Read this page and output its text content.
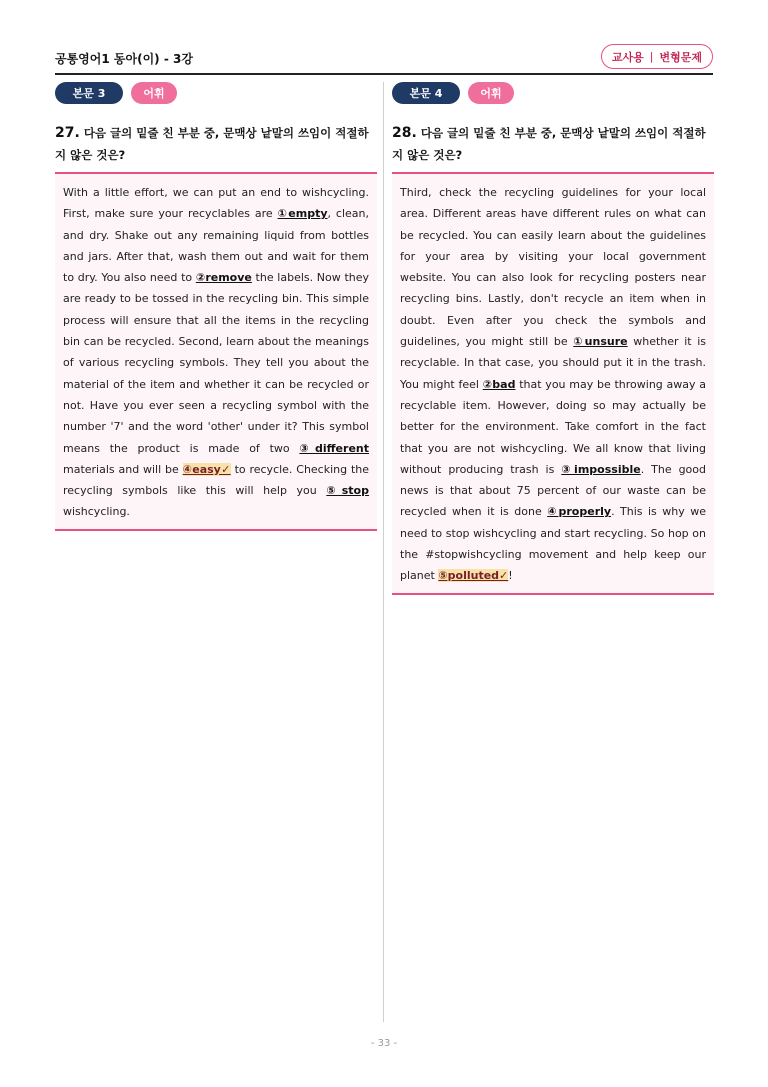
공통영어1 동아(이) - 3강	교사용 | 변형문제
본문 3	어휘
27. 다음 글의 밑줄 친 부분 중, 문맥상 낱말의 쓰임이 적절하지 않은 것은?
With a little effort, we can put an end to wishcycling. First, make sure your recyclables are ①empty, clean, and dry. Shake out any remaining liquid from bottles and jars. After that, wash them out and wait for them to dry. You also need to ②remove the labels. Now they are ready to be tossed in the recycling bin. This simple process will ensure that all the items in the recycling bin can be recycled. Second, learn about the meanings of various recycling symbols. They tell you about the material of the item and whether it can be recycled or not. Have you ever seen a recycling symbol with the number '7' and the word 'other' under it? This symbol means the product is made of two ③different materials and will be ④easy✓ to recycle. Checking the recycling symbols like this will help you ⑤stop wishcycling.
본문 4	어휘
28. 다음 글의 밑줄 친 부분 중, 문맥상 낱말의 쓰임이 적절하지 않은 것은?
Third, check the recycling guidelines for your local area. Different areas have different rules on what can be recycled. You can easily learn about the guidelines for your area by visiting your local government website. You can also look for recycling posters near recycling bins. Lastly, don't recycle an item when in doubt. Even after you check the symbols and guidelines, you might still be ①unsure whether it is recyclable. In that case, you should put it in the trash. You might feel ②bad that you may be throwing away a recyclable item. However, doing so may actually be better for the environment. Take comfort in the fact that you are not wishcycling. We all know that living without producing trash is ③impossible. The good news is that about 75 percent of our waste can be recycled when it is done ④properly. This is why we need to stop wishcycling and start recycling. So hop on the #stopwishcycling movement and help keep our planet ⑤polluted✓!
- 33 -
